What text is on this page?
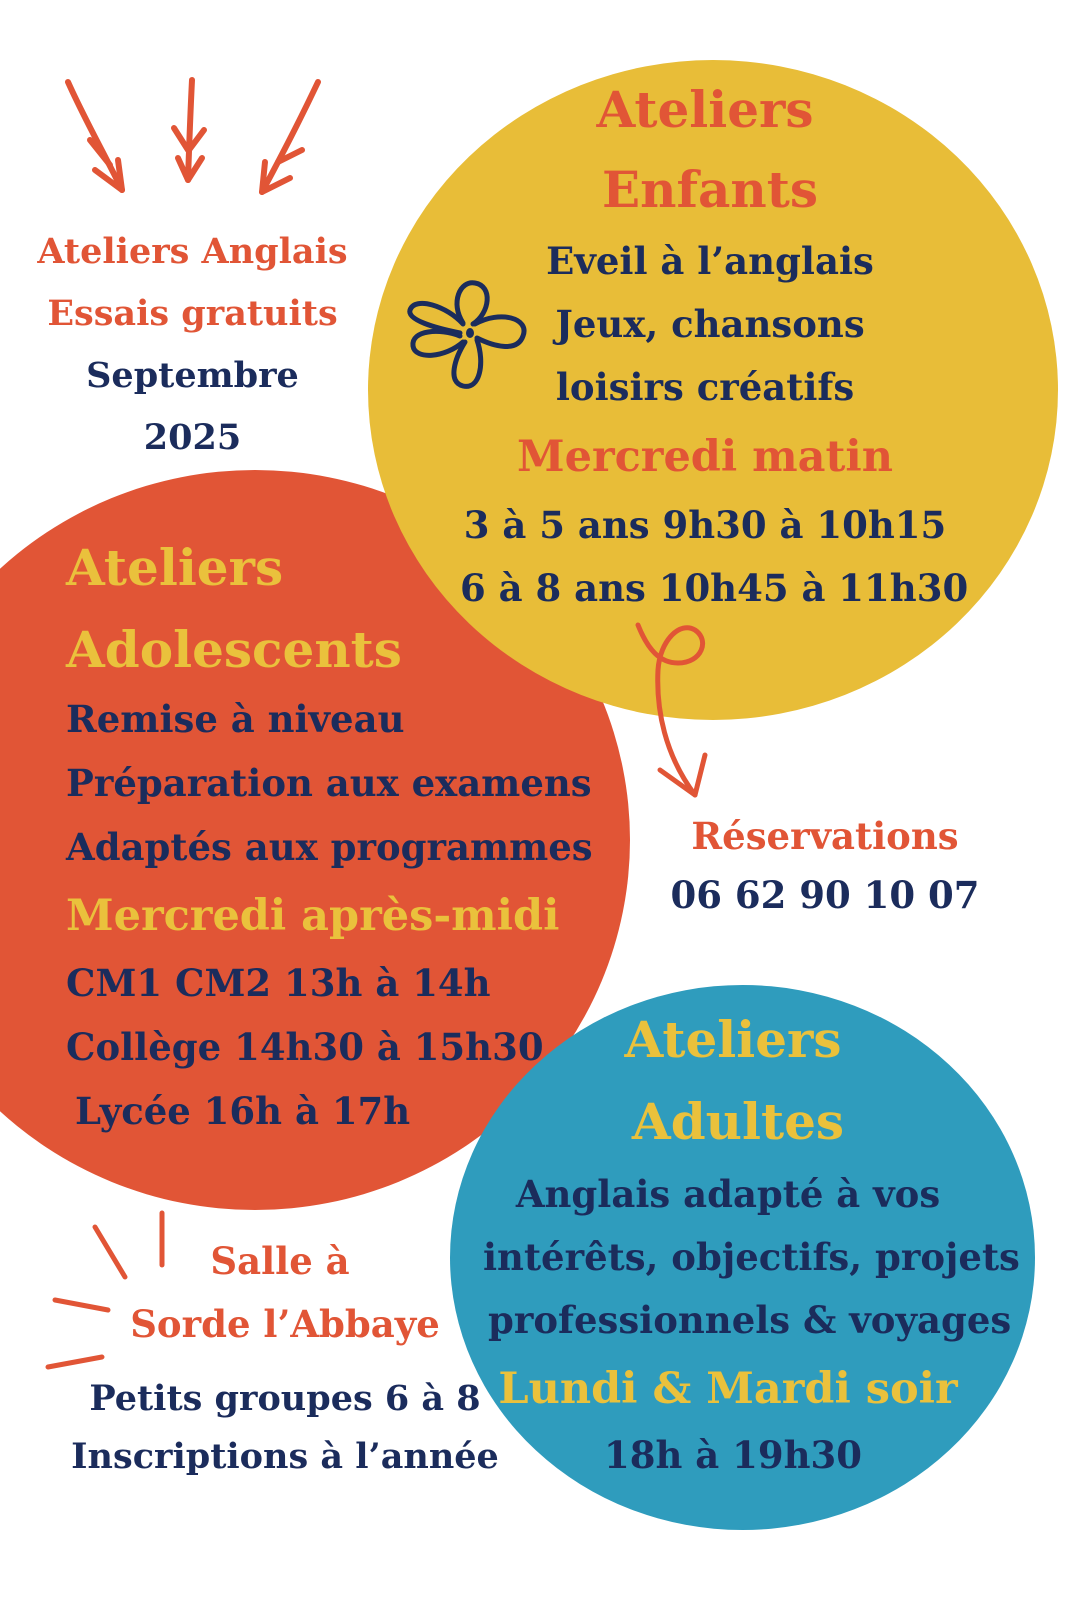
Ateliers Anglais
Essais gratuits
Septembre
2025
Ateliers
Enfants
Eveil à l’anglais
Jeux, chansons
loisirs créatifs
Mercredi matin
3 à 5 ans 9h30 à 10h15
6 à 8 ans 10h45 à 11h30
Ateliers
Adolescents
Remise à niveau
Préparation aux examens
Adaptés aux programmes
Mercredi après-midi
CM1 CM2 13h à 14h
Collège 14h30 à 15h30
Lycée 16h à 17h
Réservations
06 62 90 10 07
Ateliers
Adultes
Anglais adapté à vos
intérêts, objectifs, projets
professionnels & voyages
Lundi & Mardi soir
18h à 19h30
Salle à
Sorde l’Abbaye
Petits groupes 6 à 8
Inscriptions à l’année
